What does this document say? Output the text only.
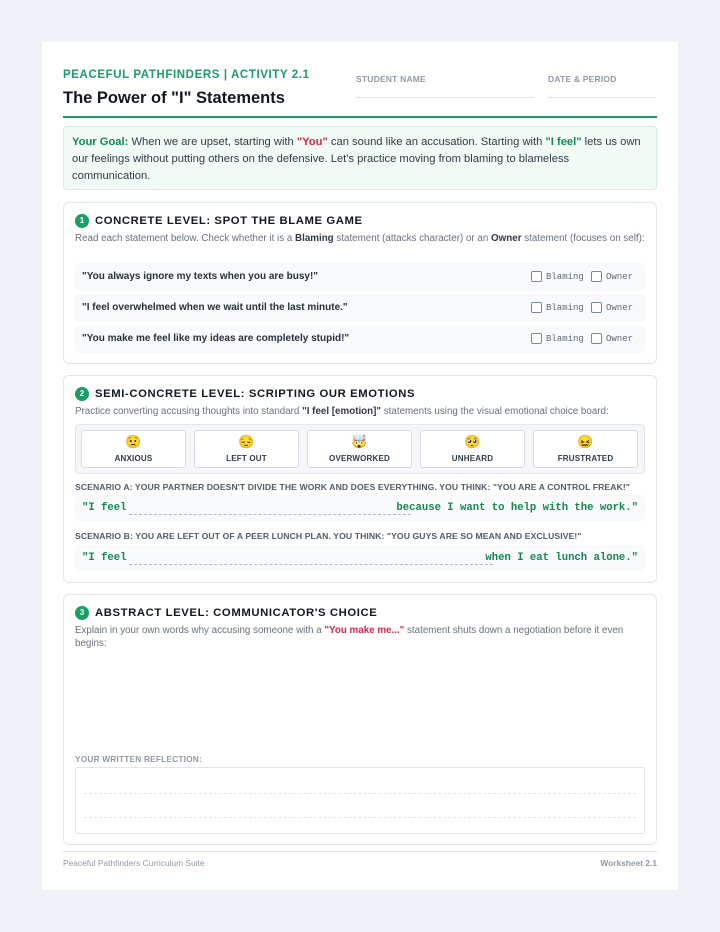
PEACEFUL PATHFINDERS | ACTIVITY 2.1
The Power of "I" Statements
STUDENT NAME	DATE & PERIOD
Your Goal: When we are upset, starting with "You" can sound like an accusation. Starting with "I feel" lets us own our feelings without putting others on the defensive. Let's practice moving from blaming to blameless communication.
1 CONCRETE LEVEL: SPOT THE BLAME GAME
Read each statement below. Check whether it is a Blaming statement (attacks character) or an Owner statement (focuses on self):
"You always ignore my texts when you are busy!"	Blaming Owner
"I feel overwhelmed when we wait until the last minute."	Blaming Owner
"You make me feel like my ideas are completely stupid!"	Blaming Owner
2 SEMI-CONCRETE LEVEL: SCRIPTING OUR EMOTIONS
Practice converting accusing thoughts into standard "I feel [emotion]" statements using the visual emotional choice board:
😟
ANXIOUS
😔
LEFT OUT
🤯
OVERWORKED
🥺
UNHEARD
😖
FRUSTRATED
SCENARIO A: YOUR PARTNER DOESN'T DIVIDE THE WORK AND DOES EVERYTHING. YOU THINK: "YOU ARE A CONTROL FREAK!"
"I feel	because I want to help with the work."
SCENARIO B: YOU ARE LEFT OUT OF A PEER LUNCH PLAN. YOU THINK: "YOU GUYS ARE SO MEAN AND EXCLUSIVE!"
"I feel	when I eat lunch alone."
3 ABSTRACT LEVEL: COMMUNICATOR'S CHOICE
Explain in your own words why accusing someone with a "You make me..." statement shuts down a negotiation before it even begins:
YOUR WRITTEN REFLECTION:
Peaceful Pathfinders Curriculum Suite	Worksheet 2.1
